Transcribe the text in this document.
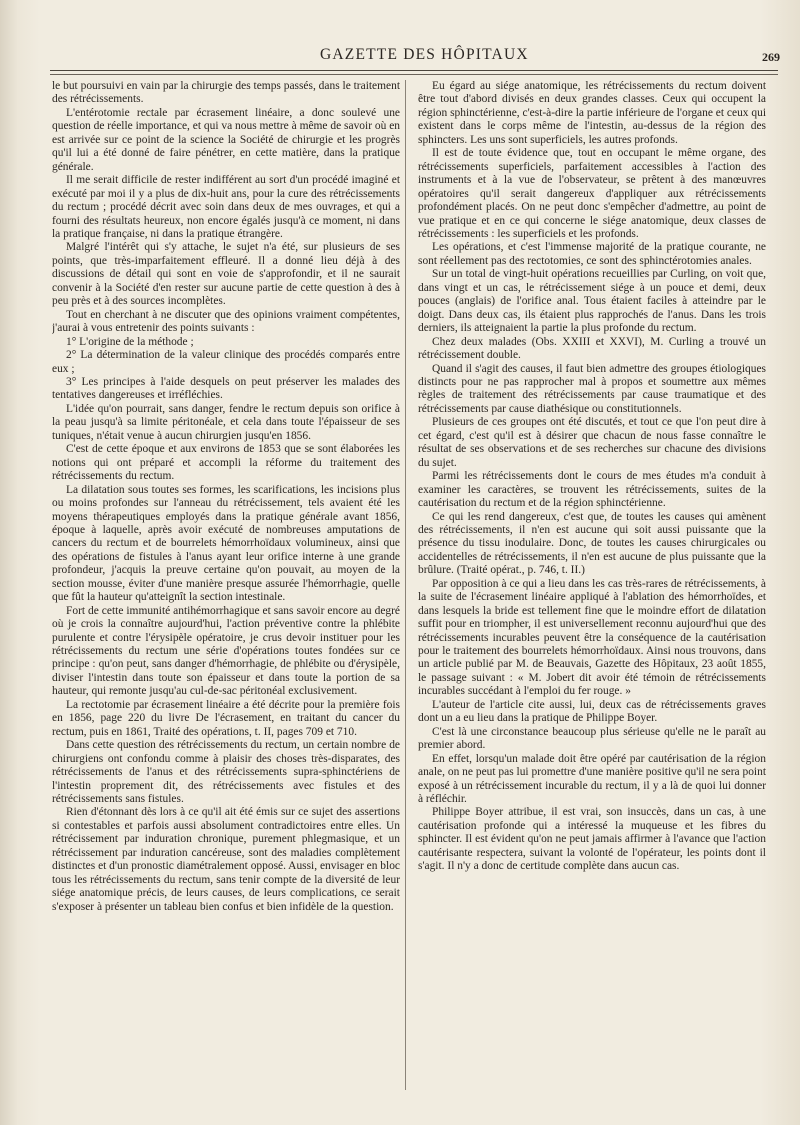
GAZETTE DES HÔPITAUX	269

le but poursuivi en vain par la chirurgie des temps passés, dans le traitement des rétrécissements.

L'entérotomie rectale par écrasement linéaire, a donc soulevé une question de réelle importance, et qui va nous mettre à même de savoir où en est arrivée sur ce point de la science la Société de chirurgie et les progrès qu'il lui a été donné de faire pénétrer, en cette matière, dans la pratique générale.

Il me serait difficile de rester indifférent au sort d'un procédé imaginé et exécuté par moi il y a plus de dix-huit ans, pour la cure des rétrécissements du rectum ; procédé décrit avec soin dans deux de mes ouvrages, et qui a fourni des résultats heureux, non encore égalés jusqu'à ce moment, ni dans la pratique française, ni dans la pratique étrangère.

Malgré l'intérêt qui s'y attache, le sujet n'a été, sur plusieurs de ses points, que très-imparfaitement effleuré. Il a donné lieu déjà à des discussions de détail qui sont en voie de s'approfondir, et il ne saurait convenir à la Société d'en rester sur aucune partie de cette question à des à peu près et à des sources incomplètes.

Tout en cherchant à ne discuter que des opinions vraiment compétentes, j'aurai à vous entretenir des points suivants :

1° L'origine de la méthode ;

2° La détermination de la valeur clinique des procédés comparés entre eux ;

3° Les principes à l'aide desquels on peut préserver les malades des tentatives dangereuses et irréfléchies.

L'idée qu'on pourrait, sans danger, fendre le rectum depuis son orifice à la peau jusqu'à sa limite péritonéale, et cela dans toute l'épaisseur de ses tuniques, n'était venue à aucun chirurgien jusqu'en 1856.

C'est de cette époque et aux environs de 1853 que se sont élaborées les notions qui ont préparé et accompli la réforme du traitement des rétrécissements du rectum.

La dilatation sous toutes ses formes, les scarifications, les incisions plus ou moins profondes sur l'anneau du rétrécissement, tels avaient été les moyens thérapeutiques employés dans la pratique générale avant 1856, époque à laquelle, après avoir exécuté de nombreuses amputations de cancers du rectum et de bourrelets hémorrhoïdaux volumineux, ainsi que des opérations de fistules à l'anus ayant leur orifice interne à une grande profondeur, j'acquis la preuve certaine qu'on pouvait, au moyen de la section mousse, éviter d'une manière presque assurée l'hémorrhagie, quelle que fût la hauteur qu'atteignît la section intestinale.

Fort de cette immunité antihémorrhagique et sans savoir encore au degré où je crois la connaître aujourd'hui, l'action préventive contre la phlébite purulente et contre l'érysipèle opératoire, je crus devoir instituer pour les rétrécissements du rectum une série d'opérations toutes fondées sur ce principe : qu'on peut, sans danger d'hémorrhagie, de phlébite ou d'érysipèle, diviser l'intestin dans toute son épaisseur et dans toute la portion de sa hauteur, qui remonte jusqu'au cul-de-sac péritonéal exclusivement.

La rectotomie par écrasement linéaire a été décrite pour la première fois en 1856, page 220 du livre De l'écrasement, en traitant du cancer du rectum, puis en 1861, Traité des opérations, t. II, pages 709 et 710.

Dans cette question des rétrécissements du rectum, un certain nombre de chirurgiens ont confondu comme à plaisir des choses très-disparates, des rétrécissements de l'anus et des rétrécissements supra-sphinctériens de l'intestin proprement dit, des rétrécissements avec fistules et des rétrécissements sans fistules.

Rien d'étonnant dès lors à ce qu'il ait été émis sur ce sujet des assertions si contestables et parfois aussi absolument contradictoires entre elles. Un rétrécissement par induration chronique, purement phlegmasique, et un rétrécissement par induration cancéreuse, sont des maladies complètement distinctes et d'un pronostic diamétralement opposé. Aussi, envisager en bloc tous les rétrécissements du rectum, sans tenir compte de la diversité de leur siége anatomique précis, de leurs causes, de leurs complications, ce serait s'exposer à présenter un tableau bien confus et bien infidèle de la question.

Eu égard au siége anatomique, les rétrécissements du rectum doivent être tout d'abord divisés en deux grandes classes. Ceux qui occupent la région sphinctérienne, c'est-à-dire la partie inférieure de l'organe et ceux qui existent dans le corps même de l'intestin, au-dessus de la région des sphincters. Les uns sont superficiels, les autres profonds.

Il est de toute évidence que, tout en occupant le même organe, des rétrécissements superficiels, parfaitement accessibles à l'action des instruments et à la vue de l'observateur, se prêtent à des manœuvres opératoires qu'il serait dangereux d'appliquer aux rétrécissements profondément placés. On ne peut donc s'empêcher d'admettre, au point de vue pratique et en ce qui concerne le siége anatomique, deux classes de rétrécissements : les superficiels et les profonds.

Les opérations, et c'est l'immense majorité de la pratique courante, ne sont réellement pas des rectotomies, ce sont des sphinctérotomies anales.

Sur un total de vingt-huit opérations recueillies par Curling, on voit que, dans vingt et un cas, le rétrécissement siége à un pouce et demi, deux pouces (anglais) de l'orifice anal. Tous étaient faciles à atteindre par le doigt. Dans deux cas, ils étaient plus rapprochés de l'anus. Dans les trois derniers, ils atteignaient la partie la plus profonde du rectum.

Chez deux malades (Obs. XXIII et XXVI), M. Curling a trouvé un rétrécissement double.

Quand il s'agit des causes, il faut bien admettre des groupes étiologiques distincts pour ne pas rapprocher mal à propos et soumettre aux mêmes règles de traitement des rétrécissements par cause traumatique et des rétrécissements par cause diathésique ou constitutionnels.

Plusieurs de ces groupes ont été discutés, et tout ce que l'on peut dire à cet égard, c'est qu'il est à désirer que chacun de nous fasse connaître le résultat de ses observations et de ses recherches sur chacune des divisions du sujet.

Parmi les rétrécissements dont le cours de mes études m'a conduit à examiner les caractères, se trouvent les rétrécissements, suites de la cautérisation du rectum et de la région sphinctérienne.

Ce qui les rend dangereux, c'est que, de toutes les causes qui amènent des rétrécissements, il n'en est aucune qui soit aussi puissante que la présence du tissu inodulaire. Donc, de toutes les causes chirurgicales ou accidentelles de rétrécissements, il n'en est aucune de plus puissante que la brûlure. (Traité opérat., p. 746, t. II.)

Par opposition à ce qui a lieu dans les cas très-rares de rétrécissements, à la suite de l'écrasement linéaire appliqué à l'ablation des hémorrhoïdes, et dans lesquels la bride est tellement fine que le moindre effort de dilatation suffit pour en triompher, il est universellement reconnu aujourd'hui que des rétrécissements incurables peuvent être la conséquence de la cautérisation pour le traitement des bourrelets hémorrhoïdaux. Ainsi nous trouvons, dans un article publié par M. de Beauvais, Gazette des Hôpitaux, 23 août 1855, le passage suivant : « M. Jobert dit avoir été témoin de rétrécissements incurables succédant à l'emploi du fer rouge. »

L'auteur de l'article cite aussi, lui, deux cas de rétrécissements graves dont un a eu lieu dans la pratique de Philippe Boyer.

C'est là une circonstance beaucoup plus sérieuse qu'elle ne le paraît au premier abord.

En effet, lorsqu'un malade doit être opéré par cautérisation de la région anale, on ne peut pas lui promettre d'une manière positive qu'il ne sera point exposé à un rétrécissement incurable du rectum, il y a là de quoi lui donner à réfléchir.

Philippe Boyer attribue, il est vrai, son insuccès, dans un cas, à une cautérisation profonde qui a intéressé la muqueuse et les fibres du sphincter. Il est évident qu'on ne peut jamais affirmer à l'avance que l'action cautérisante respectera, suivant la volonté de l'opérateur, les points dont il s'agit. Il n'y a donc de certitude complète dans aucun cas.
